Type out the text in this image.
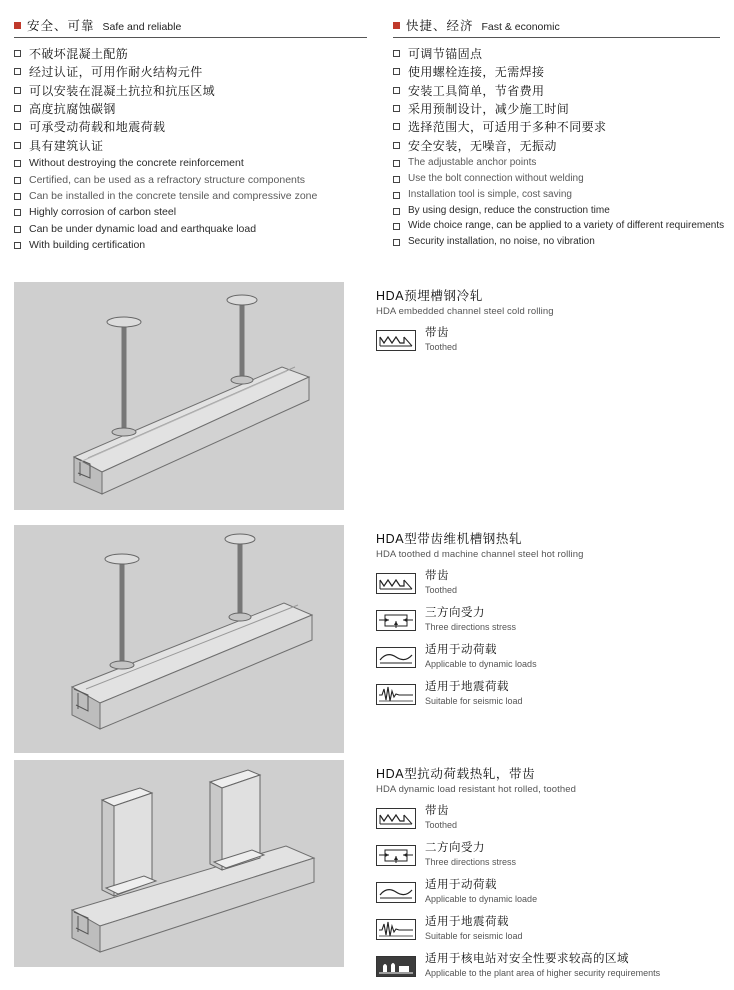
安全、可靠 Safe and reliable
不破坏混凝土配筋
经过认证，可用作耐火结构元件
可以安装在混凝土抗拉和抗压区域
高度抗腐蚀碳钢
可承受动荷载和地震荷载
具有建筑认证
Without destroying the concrete reinforcement
Certified, can be used as a refractory structure components
Can be installed in the concrete tensile and compressive zone
Highly corrosion of carbon steel
Can be under dynamic load and earthquake load
With building certification
快捷、经济 Fast & economic
可调节锚固点
使用螺栓连接，无需焊接
安装工具简单，节省费用
采用预制设计，减少施工时间
选择范围大，可适用于多种不同要求
安全安装，无噪音，无振动
The adjustable anchor points
Use the bolt connection without welding
Installation tool is simple, cost saving
By using design, reduce the construction time
Wide choice range, can be applied to a variety of different requirements
Security installation, no noise, no vibration
HDA预埋槽钢冷轧
HDA embedded channel steel cold rolling
带齿
Toothed
HDA型带齿维机槽钢热轧
HDA toothed d machine channel steel hot rolling
带齿
Toothed
三方向受力
Three directions stress
适用于动荷载
Applicable to dynamic loads
适用于地震荷载
Suitable for seismic load
HDA型抗动荷载热轧，带齿
HDA dynamic load resistant hot rolled, toothed
带齿
Toothed
二方向受力
Three directions stress
适用于动荷载
Applicable to dynamic loade
适用于地震荷载
Suitable for seismic load
适用于核电站对安全性要求较高的区域
Applicable to the plant area of higher security requirements
